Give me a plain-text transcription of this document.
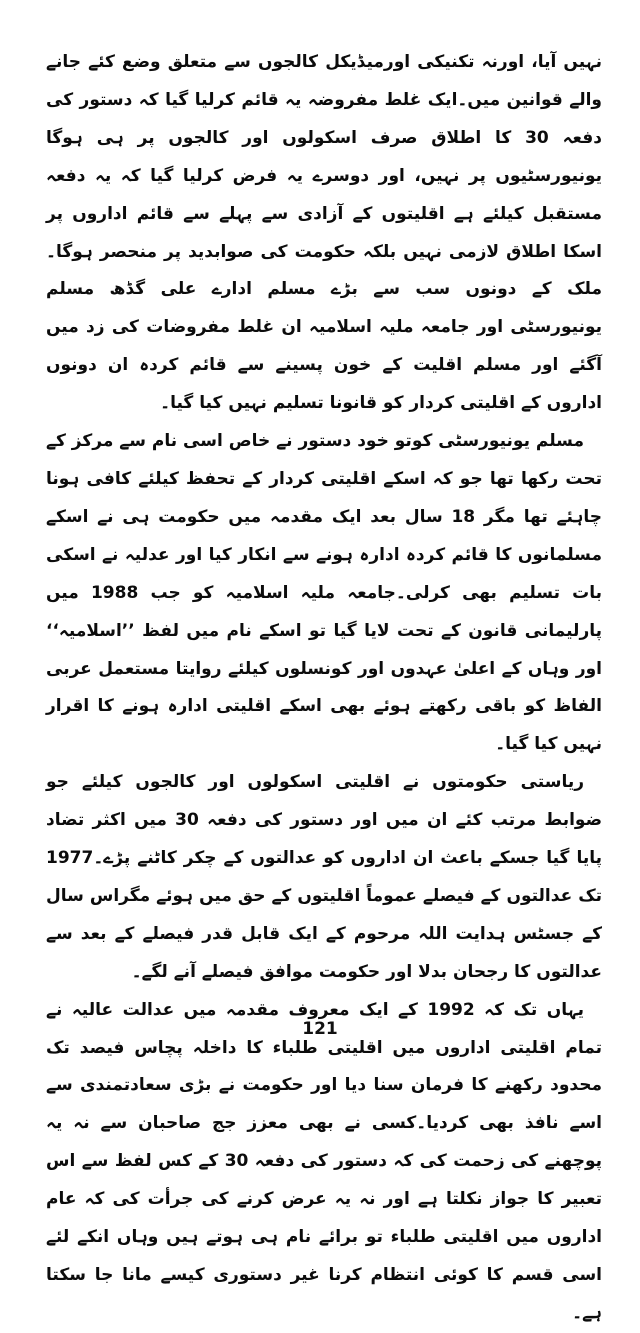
نہیں آیا، اورنہ تکنیکی اورمیڈیکل کالجوں سے متعلق وضع کئے جانے والے قوانین میں۔ایک غلط مفروضہ یہ قائم کرلیا گیا کہ دستور کی دفعہ 30 کا اطلاق صرف اسکولوں اور کالجوں پر ہی ہوگا یونیورسٹیوں پر نہیں، اور دوسرے یہ فرض کرلیا گیا کہ یہ دفعہ مستقبل کیلئے ہے اقلیتوں کے آزادی سے پہلے سے قائم اداروں پر اسکا اطلاق لازمی نہیں بلکہ حکومت کی صوابدید پر منحصر ہوگا۔ملک کے دونوں سب سے بڑے مسلم ادارے علی گڈھ مسلم یونیورسٹی اور جامعہ ملیہ اسلامیہ ان غلط مفروضات کی زد میں آگئے اور مسلم اقلیت کے خون پسینے سے قائم کردہ ان دونوں اداروں کے اقلیتی کردار کو قانونا تسلیم نہیں کیا گیا۔

مسلم یونیورسٹی کوتو خود دستور نے خاص اسی نام سے مرکز کے تحت رکھا تھا جو کہ اسکے اقلیتی کردار کے تحفظ کیلئے کافی ہونا چاہئے تھا مگر 18 سال بعد ایک مقدمہ میں حکومت ہی نے اسکے مسلمانوں کا قائم کردہ ادارہ ہونے سے انکار کیا اور عدلیہ نے اسکی بات تسلیم بھی کرلی۔جامعہ ملیہ اسلامیہ کو جب 1988 میں پارلیمانی قانون کے تحت لایا گیا تو اسکے نام میں لفظ ’’اسلامیہ‘‘ اور وہاں کے اعلیٰ عہدوں اور کونسلوں کیلئے روایتا مستعمل عربی الفاظ کو باقی رکھتے ہوئے بھی اسکے اقلیتی ادارہ ہونے کا اقرار نہیں کیا گیا۔

ریاستی حکومتوں نے اقلیتی اسکولوں اور کالجوں کیلئے جو ضوابط مرتب کئے ان میں اور دستور کی دفعہ 30 میں اکثر تضاد پایا گیا جسکے باعث ان اداروں کو عدالتوں کے چکر کاٹنے پڑے۔1977 تک عدالتوں کے فیصلے عموماً اقلیتوں کے حق میں ہوئے مگراس سال کے جسٹس ہدایت اللہ مرحوم کے ایک قابل قدر فیصلے کے بعد سے عدالتوں کا رجحان بدلا اور حکومت موافق فیصلے آنے لگے۔

یہاں تک کہ 1992 کے ایک معروف مقدمہ میں عدالت عالیہ نے تمام اقلیتی اداروں میں اقلیتی طلباء کا داخلہ پچاس فیصد تک محدود رکھنے کا فرمان سنا دیا اور حکومت نے بڑی سعادتمندی سے اسے نافذ بھی کردیا۔کسی نے بھی معزز جج صاحبان سے نہ یہ پوچھنے کی زحمت کی کہ دستور کی دفعہ 30 کے کس لفظ سے اس تعبیر کا جواز نکلتا ہے اور نہ یہ عرض کرنے کی جرأت کی کہ عام اداروں میں اقلیتی طلباء تو برائے نام ہی ہوتے ہیں وہاں انکے لئے اسی قسم کا کوئی انتظام کرنا غیر دستوری کیسے مانا جا سکتا ہے۔

121
